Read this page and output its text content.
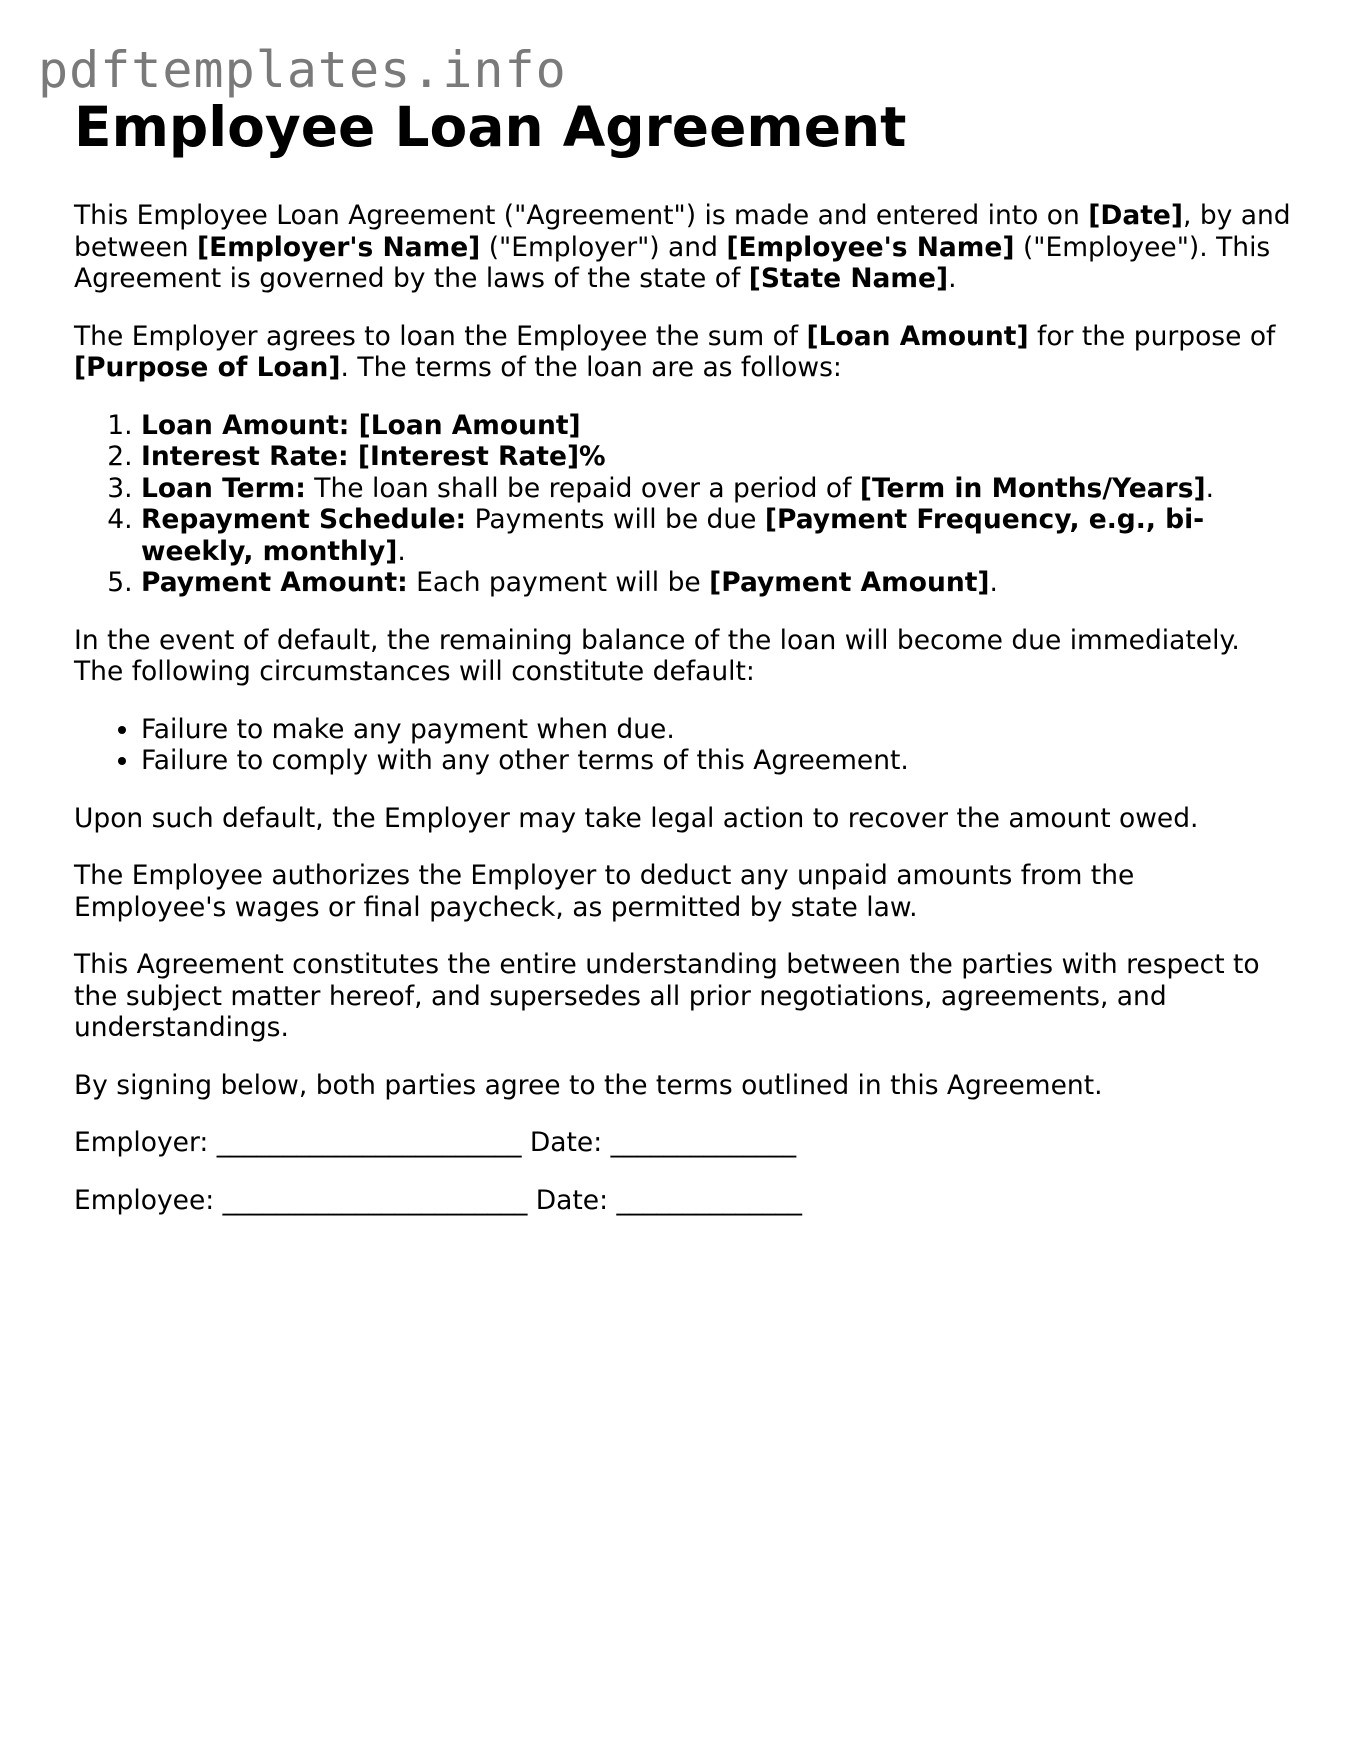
pdftemplates.info
Employee Loan Agreement

This Employee Loan Agreement ("Agreement") is made and entered into on [Date], by and between [Employer's Name] ("Employer") and [Employee's Name] ("Employee"). This Agreement is governed by the laws of the state of [State Name].

The Employer agrees to loan the Employee the sum of [Loan Amount] for the purpose of [Purpose of Loan]. The terms of the loan are as follows:

1. Loan Amount: [Loan Amount]
2. Interest Rate: [Interest Rate]%
3. Loan Term: The loan shall be repaid over a period of [Term in Months/Years].
4. Repayment Schedule: Payments will be due [Payment Frequency, e.g., bi-weekly, monthly].
5. Payment Amount: Each payment will be [Payment Amount].

In the event of default, the remaining balance of the loan will become due immediately. The following circumstances will constitute default:

• Failure to make any payment when due.
• Failure to comply with any other terms of this Agreement.

Upon such default, the Employer may take legal action to recover the amount owed.

The Employee authorizes the Employer to deduct any unpaid amounts from the Employee's wages or final paycheck, as permitted by state law.

This Agreement constitutes the entire understanding between the parties with respect to the subject matter hereof, and supersedes all prior negotiations, agreements, and understandings.

By signing below, both parties agree to the terms outlined in this Agreement.

Employer: _______________________ Date: ______________

Employee: _______________________ Date: ______________
